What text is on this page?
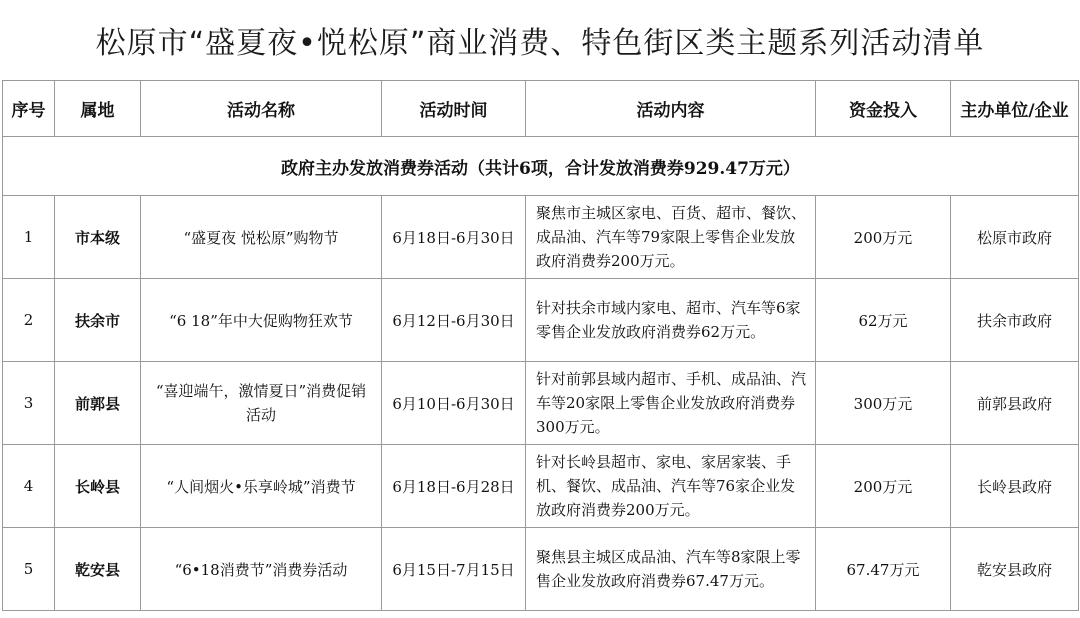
松原市“盛夏夜•悦松原”商业消费、特色街区类主题系列活动清单
序号	属地	活动名称	活动时间	活动内容	资金投入	主办单位/企业
政府主办发放消费券活动（共计6项，合计发放消费券929.47万元）						
1	市本级	“盛夏夜 悦松原”购物节	6月18日-6月30日	聚焦市主城区家电、百货、超市、餐饮、成品油、汽车等79家限上零售企业发放政府消费券200万元。	200万元	松原市政府
2	扶余市	“6 18”年中大促购物狂欢节	6月12日-6月30日	针对扶余市域内家电、超市、汽车等6家零售企业发放政府消费券62万元。	62万元	扶余市政府
3	前郭县	“喜迎端午，激情夏日”消费促销活动	6月10日-6月30日	针对前郭县域内超市、手机、成品油、汽车等20家限上零售企业发放政府消费券300万元。	300万元	前郭县政府
4	长岭县	“人间烟火•乐享岭城”消费节	6月18日-6月28日	针对长岭县超市、家电、家居家装、手机、餐饮、成品油、汽车等76家企业发放政府消费券200万元。	200万元	长岭县政府
5	乾安县	“6•18消费节”消费券活动	6月15日-7月15日	聚焦县主城区成品油、汽车等8家限上零售企业发放政府消费券67.47万元。	67.47万元	乾安县政府
